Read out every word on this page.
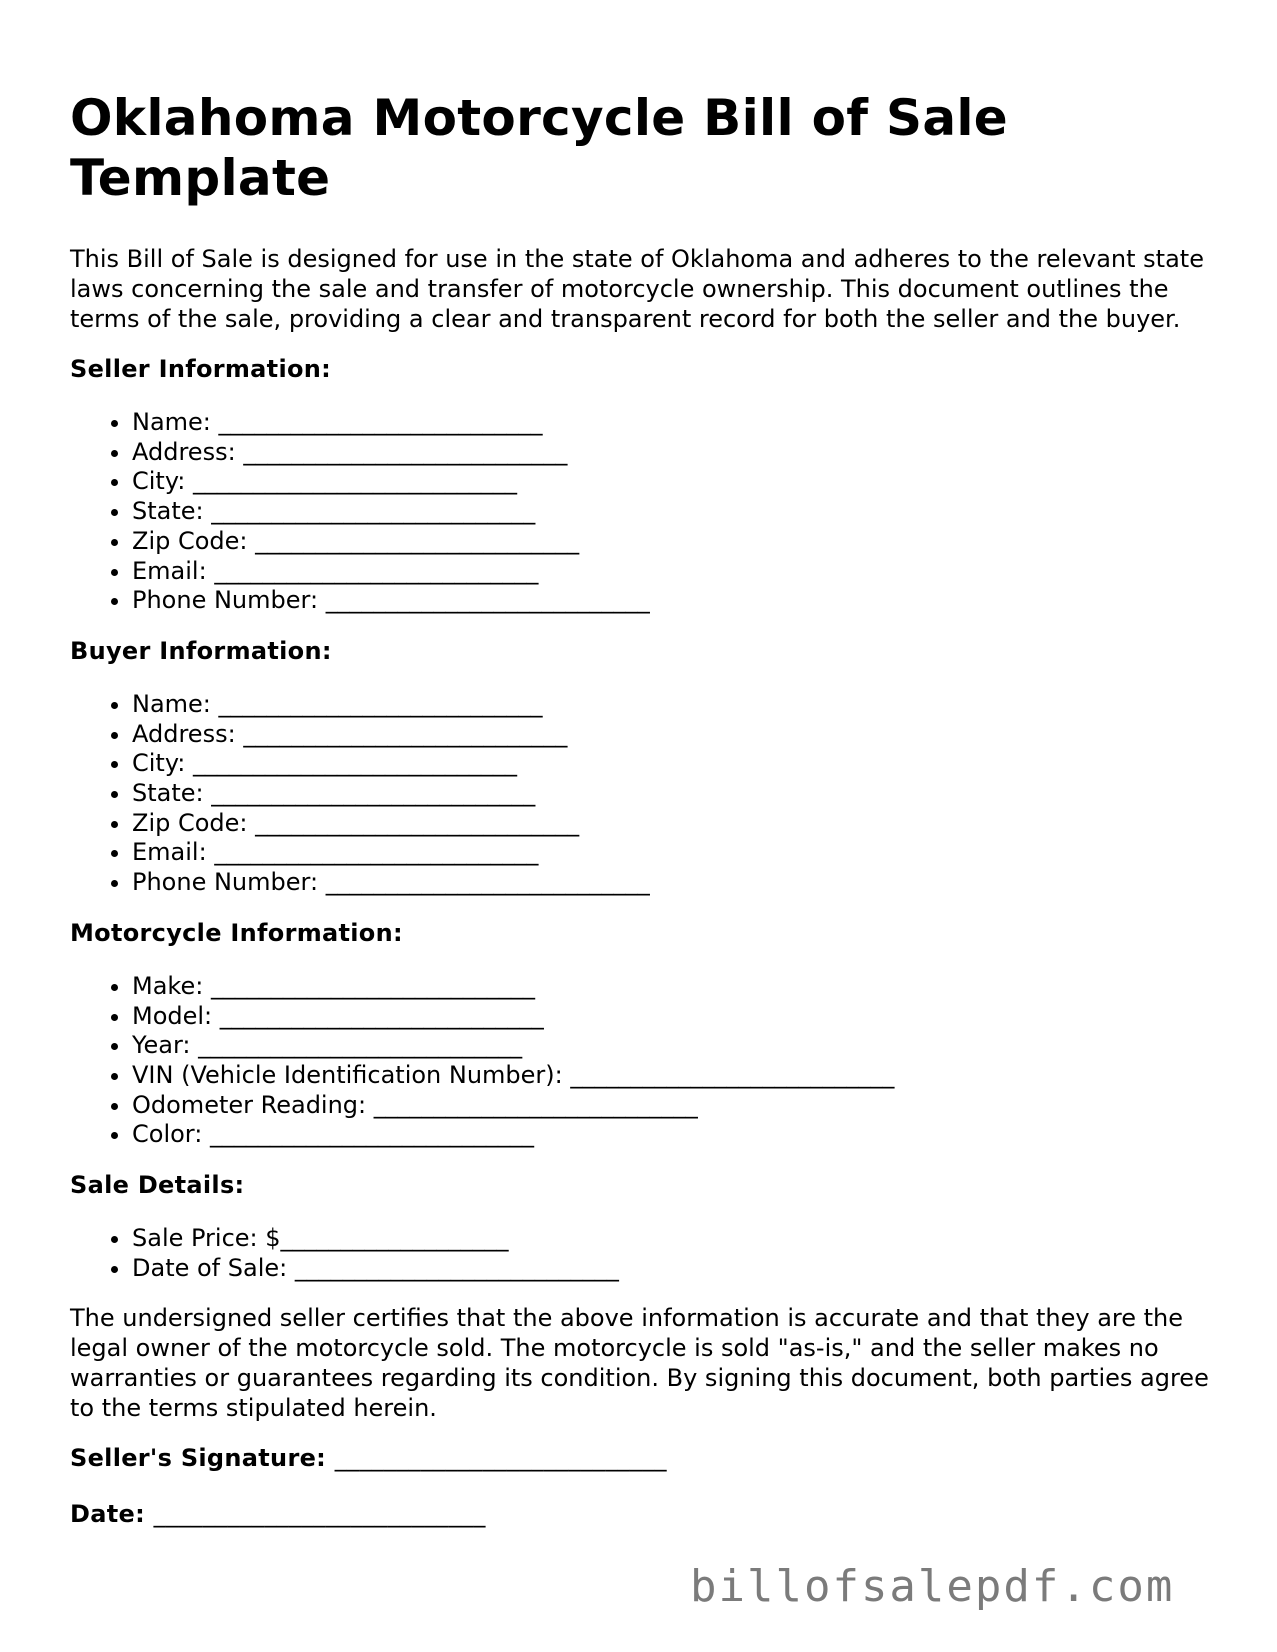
Oklahoma Motorcycle Bill of Sale Template

This Bill of Sale is designed for use in the state of Oklahoma and adheres to the relevant state laws concerning the sale and transfer of motorcycle ownership. This document outlines the terms of the sale, providing a clear and transparent record for both the seller and the buyer.

Seller Information:
• Name: ___________________________
• Address: ___________________________
• City: ___________________________
• State: ___________________________
• Zip Code: ___________________________
• Email: ___________________________
• Phone Number: ___________________________
Buyer Information:
• Name: ___________________________
• Address: ___________________________
• City: ___________________________
• State: ___________________________
• Zip Code: ___________________________
• Email: ___________________________
• Phone Number: ___________________________
Motorcycle Information:
• Make: ___________________________
• Model: ___________________________
• Year: ___________________________
• VIN (Vehicle Identification Number): ___________________________
• Odometer Reading: ___________________________
• Color: ___________________________
Sale Details:
• Sale Price: $___________________
• Date of Sale: ___________________________

The undersigned seller certifies that the above information is accurate and that they are the legal owner of the motorcycle sold. The motorcycle is sold "as-is," and the seller makes no warranties or guarantees regarding its condition. By signing this document, both parties agree to the terms stipulated herein.

Seller's Signature: ___________________________
Date: ___________________________
billofsalepdf.com
